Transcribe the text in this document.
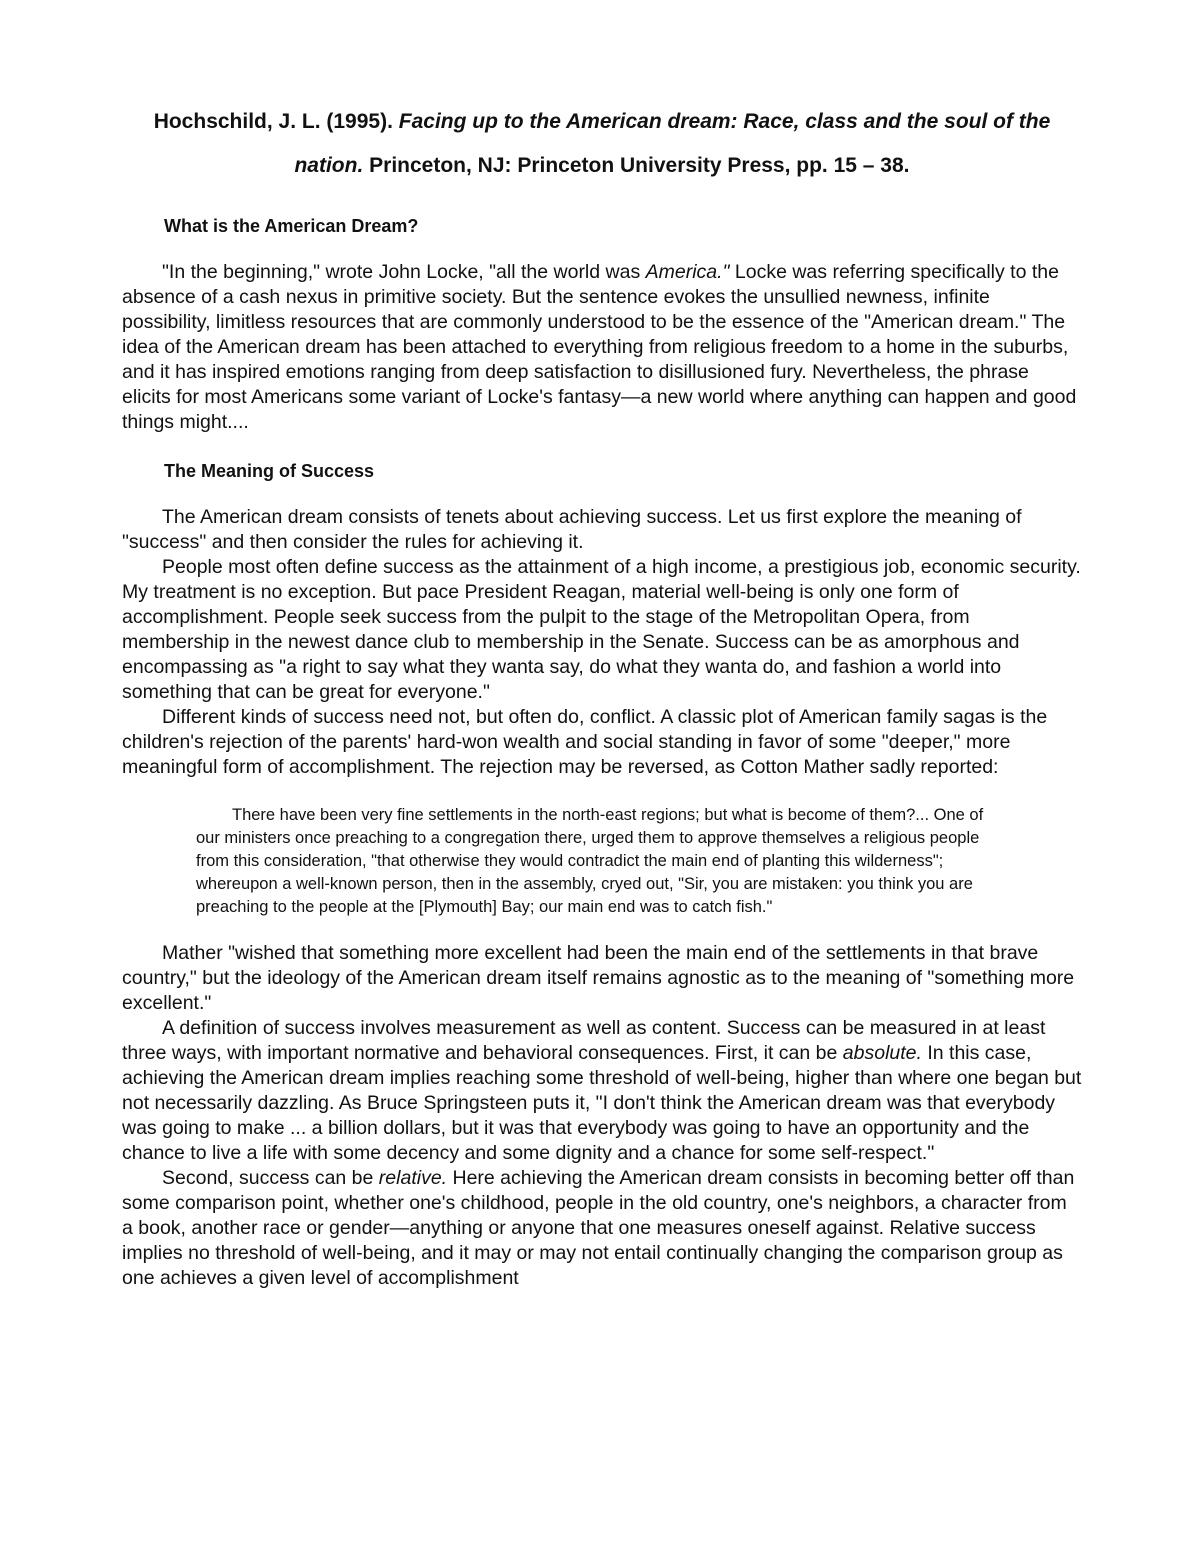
Hochschild, J. L. (1995). Facing up to the American dream: Race, class and the soul of the nation. Princeton, NJ: Princeton University Press, pp. 15 – 38.

What is the American Dream?

"In the beginning," wrote John Locke, "all the world was America." Locke was referring specifically to the absence of a cash nexus in primitive society. But the sentence evokes the unsullied newness, infinite possibility, limitless resources that are commonly understood to be the essence of the "American dream." The idea of the American dream has been attached to everything from religious freedom to a home in the suburbs, and it has inspired emotions ranging from deep satisfaction to disillusioned fury. Nevertheless, the phrase elicits for most Americans some variant of Locke's fantasy—a new world where anything can happen and good things might....

The Meaning of Success

The American dream consists of tenets about achieving success. Let us first explore the meaning of "success" and then consider the rules for achieving it.

People most often define success as the attainment of a high income, a prestigious job, economic security. My treatment is no exception. But pace President Reagan, material well-being is only one form of accomplishment. People seek success from the pulpit to the stage of the Metropolitan Opera, from membership in the newest dance club to membership in the Senate. Success can be as amorphous and encompassing as "a right to say what they wanta say, do what they wanta do, and fashion a world into something that can be great for everyone."

Different kinds of success need not, but often do, conflict. A classic plot of American family sagas is the children's rejection of the parents' hard-won wealth and social standing in favor of some "deeper," more meaningful form of accomplishment. The rejection may be reversed, as Cotton Mather sadly reported:

There have been very fine settlements in the north-east regions; but what is become of them?... One of our ministers once preaching to a congregation there, urged them to approve themselves a religious people from this consideration, "that otherwise they would contradict the main end of planting this wilderness"; whereupon a well-known person, then in the assembly, cryed out, "Sir, you are mistaken: you think you are preaching to the people at the [Plymouth] Bay; our main end was to catch fish."

Mather "wished that something more excellent had been the main end of the settlements in that brave country," but the ideology of the American dream itself remains agnostic as to the meaning of "something more excellent."

A definition of success involves measurement as well as content. Success can be measured in at least three ways, with important normative and behavioral consequences. First, it can be absolute. In this case, achieving the American dream implies reaching some threshold of well-being, higher than where one began but not necessarily dazzling. As Bruce Springsteen puts it, "I don't think the American dream was that everybody was going to make ... a billion dollars, but it was that everybody was going to have an opportunity and the chance to live a life with some decency and some dignity and a chance for some self-respect."

Second, success can be relative. Here achieving the American dream consists in becoming better off than some comparison point, whether one's childhood, people in the old country, one's neighbors, a character from a book, another race or gender—anything or anyone that one measures oneself against. Relative success implies no threshold of well-being, and it may or may not entail continually changing the comparison group as one achieves a given level of accomplishment
